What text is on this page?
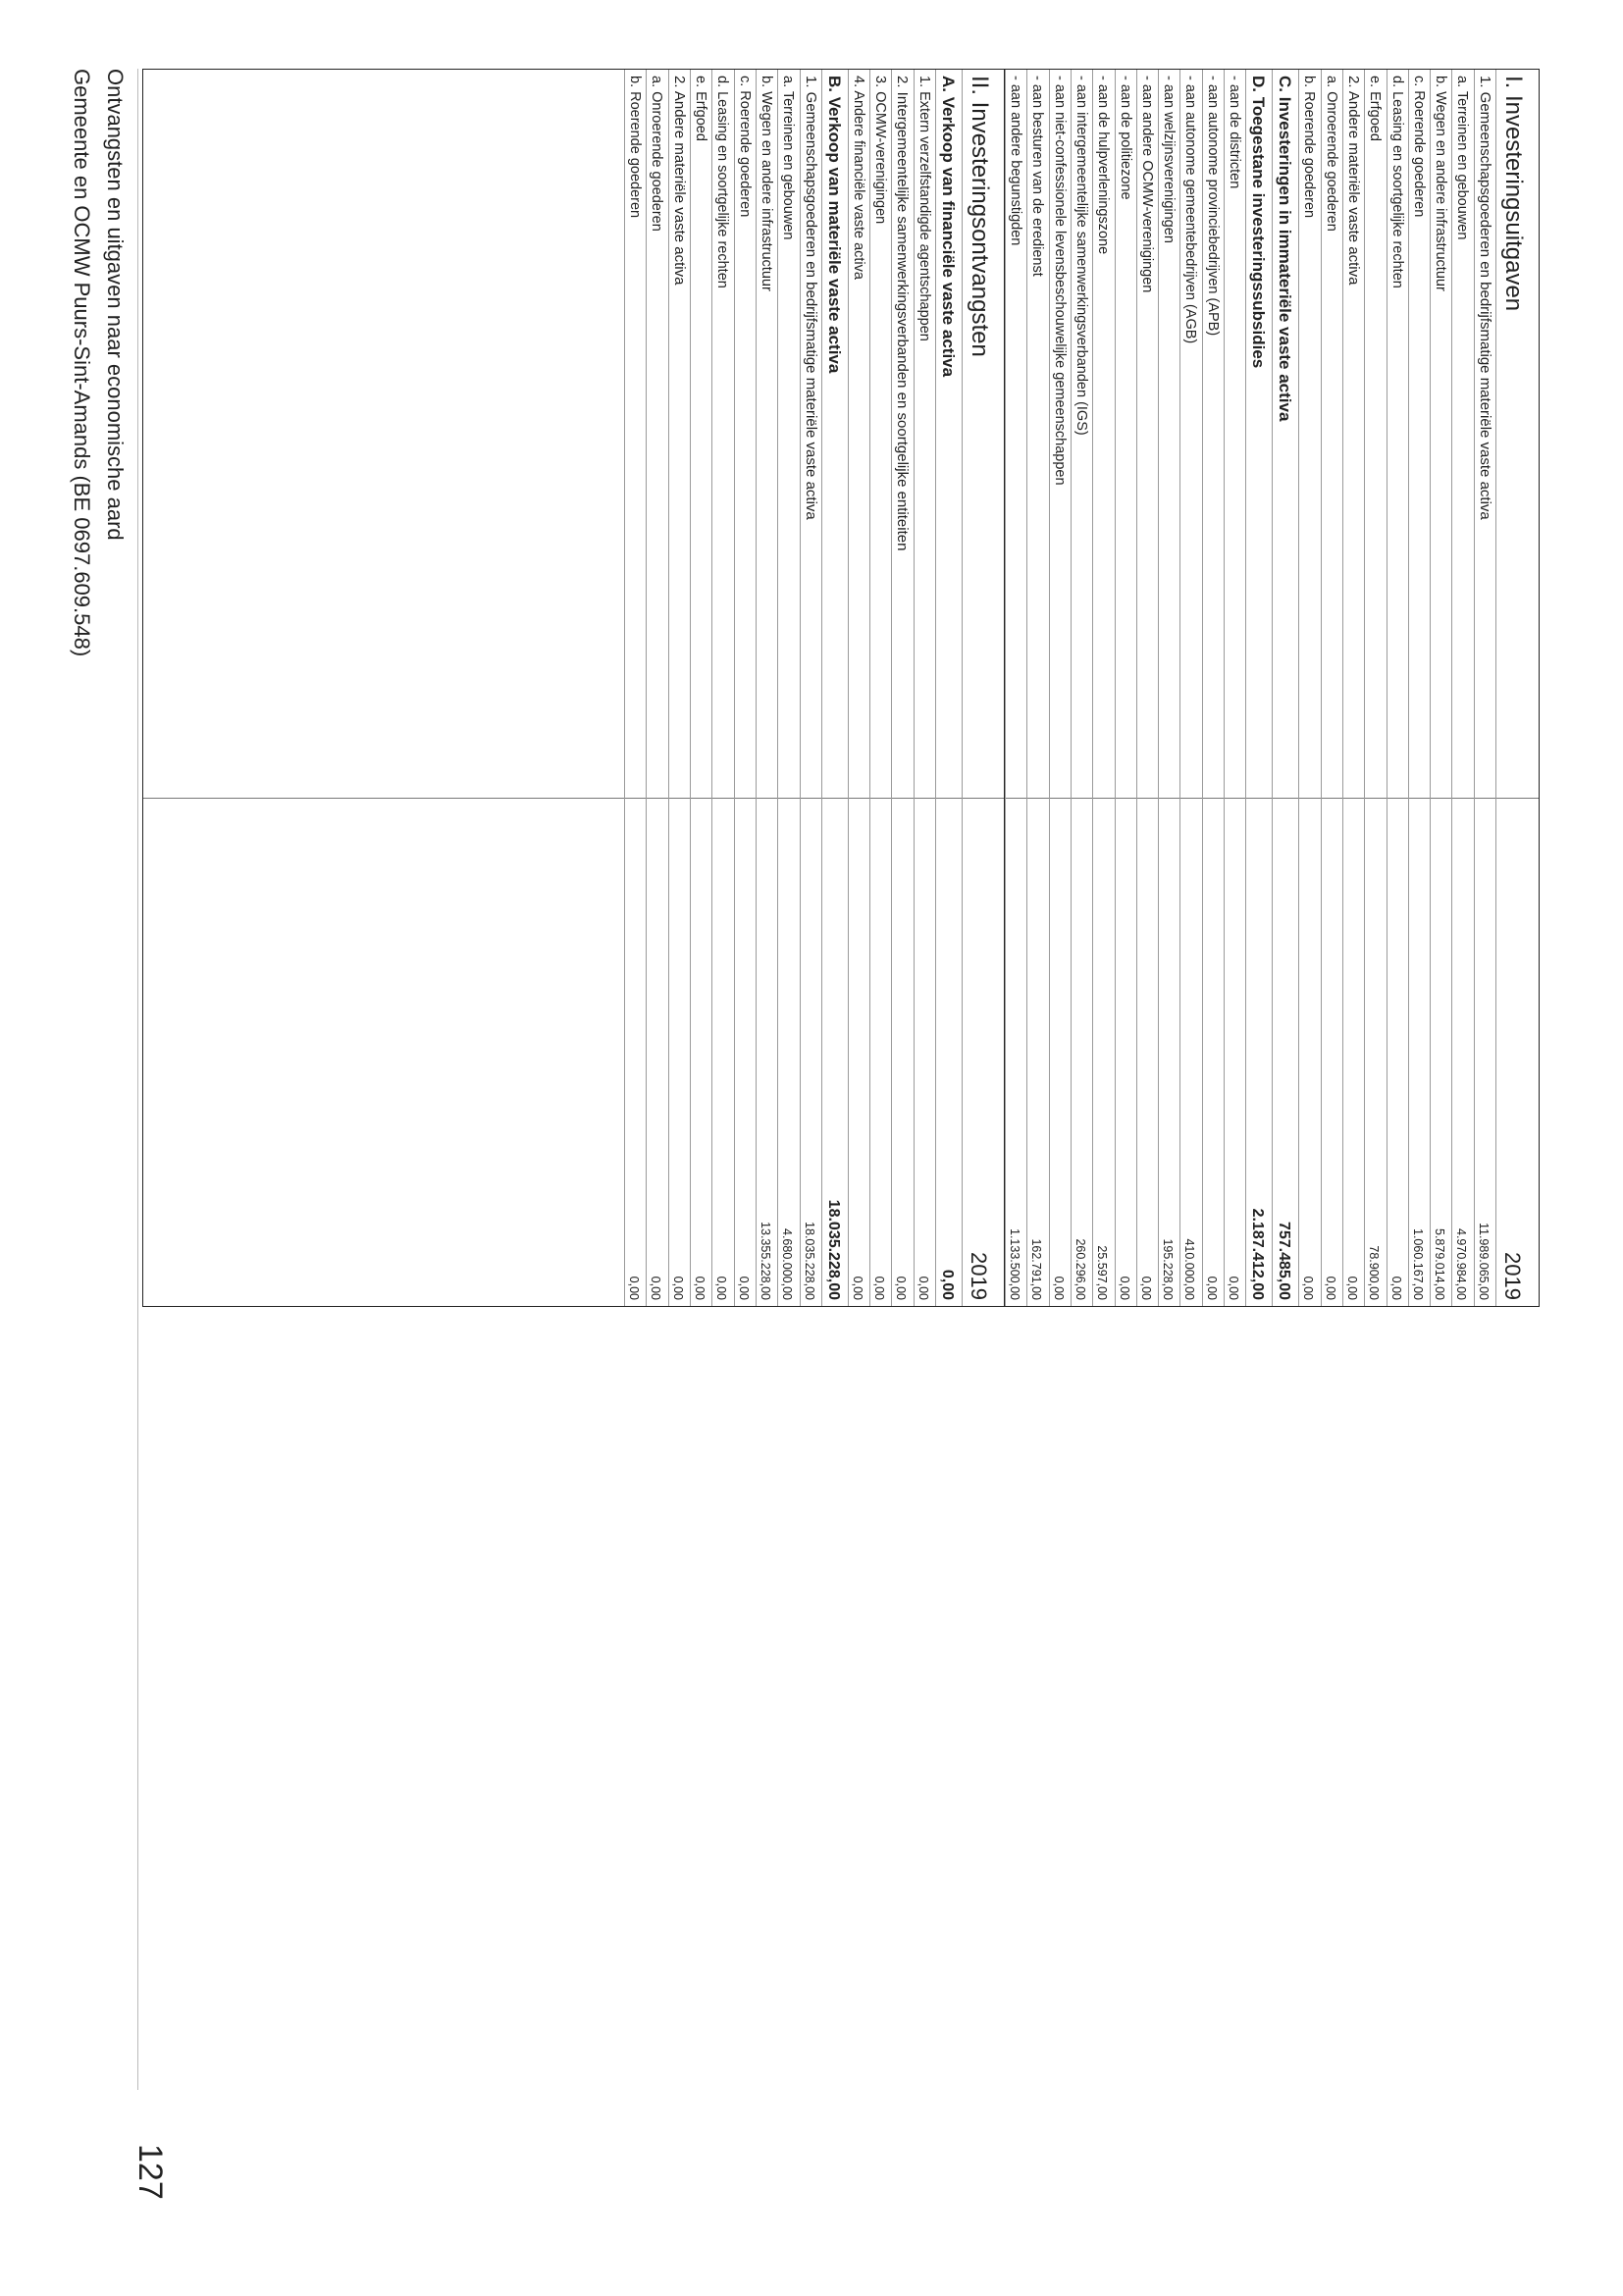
I. Investeringsuitgaven
2019
1. Gemeenschapsgoederen en bedrijfsmatige materiële vaste activa
11.989.065,00
a. Terreinen en gebouwen
4.970.984,00
b. Wegen en andere infrastructuur
5.879.014,00
c. Roerende goederen
1.060.167,00
d. Leasing en soortgelijke rechten
0,00
e. Erfgoed
78.900,00
2. Andere materiële vaste activa
0,00
a. Onroerende goederen
0,00
b. Roerende goederen
0,00
C. Investeringen in immateriële vaste activa
757.485,00
D. Toegestane investeringssubsidies
2.187.412,00
- aan de districten
0,00
- aan autonome provinciebedrijven (APB)
0,00
- aan autonome gemeentebedrijven (AGB)
410.000,00
- aan welzijnsverenigingen
195.228,00
- aan andere OCMW-verenigingen
0,00
- aan de politiezone
0,00
- aan de hulpverleningszone
25.597,00
- aan intergemeentelijke samenwerkingsverbanden (IGS)
260.296,00
- aan niet-confessionele levensbeschouwelijke gemeenschappen
0,00
- aan besturen van de eredienst
162.791,00
- aan andere begunstigden
1.133.500,00
II. Investeringsontvangsten
2019
A. Verkoop van financiële vaste activa
0,00
1. Extern verzelfstandigde agentschappen
0,00
2. Intergemeentelijke samenwerkingsverbanden en soortgelijke entiteiten
0,00
3. OCMW-verenigingen
0,00
4. Andere financiële vaste activa
0,00
B. Verkoop van materiële vaste activa
18.035.228,00
1. Gemeenschapsgoederen en bedrijfsmatige materiële vaste activa
18.035.228,00
a. Terreinen en gebouwen
4.680.000,00
b. Wegen en andere infrastructuur
13.355.228,00
c. Roerende goederen
0,00
d. Leasing en soortgelijke rechten
0,00
e. Erfgoed
0,00
2. Andere materiële vaste activa
0,00
a. Onroerende goederen
0,00
b. Roerende goederen
0,00
Ontvangsten en uitgaven naar economische aard
Gemeente en OCMW Puurs-Sint-Amands (BE 0697.609.548)
127
